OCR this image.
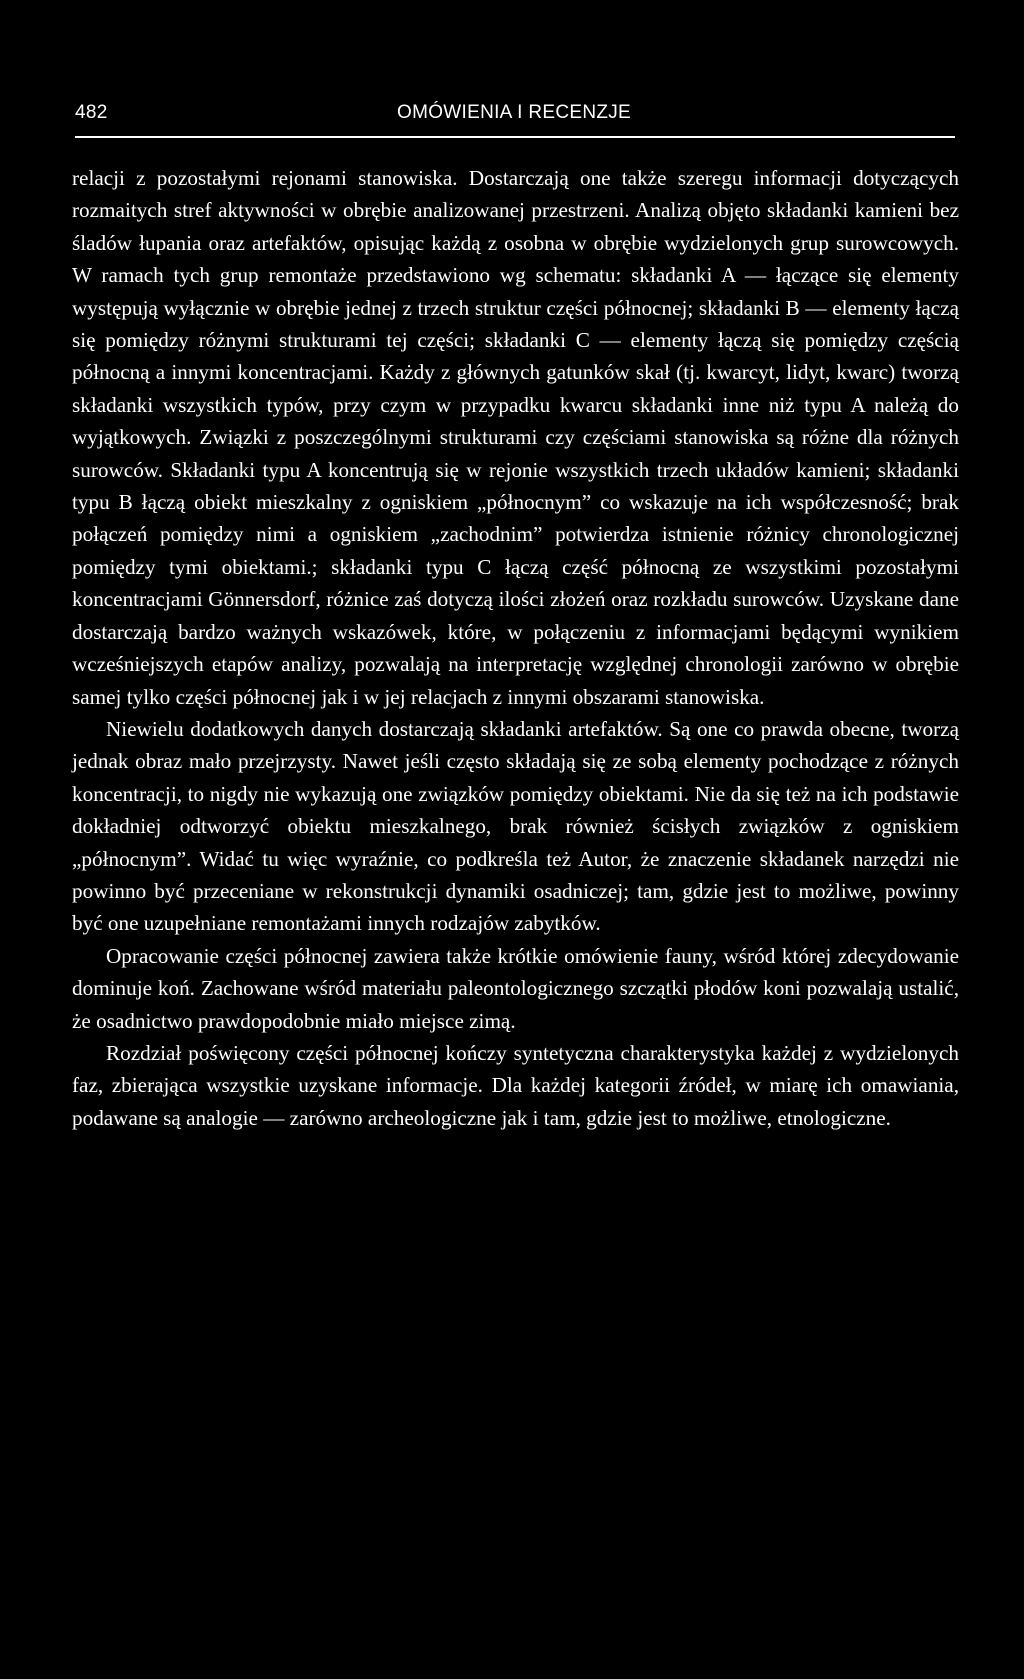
482	OMÓWIENIA I RECENZJE

relacji z pozostałymi rejonami stanowiska. Dostarczają one także szeregu informacji dotyczących rozmaitych stref aktywności w obrębie analizowanej przestrzeni. Analizą objęto składanki kamieni bez śladów łupania oraz artefaktów, opisując każdą z osobna w obrębie wydzielonych grup surowcowych. W ramach tych grup remontaże przedstawiono wg schematu: składanki A — łączące się elementy występują wyłącznie w obrębie jednej z trzech struktur części północnej; składanki B — elementy łączą się pomiędzy różnymi strukturami tej części; składanki C — elementy łączą się pomiędzy częścią północną a innymi koncentracjami. Każdy z głównych gatunków skał (tj. kwarcyt, lidyt, kwarc) tworzą składanki wszystkich typów, przy czym w przypadku kwarcu składanki inne niż typu A należą do wyjątkowych. Związki z poszczególnymi strukturami czy częściami stanowiska są różne dla różnych surowców. Składanki typu A koncentrują się w rejonie wszystkich trzech układów kamieni; składanki typu B łączą obiekt mieszkalny z ogniskiem „północnym” co wskazuje na ich współczesność; brak połączeń pomiędzy nimi a ogniskiem „zachodnim” potwierdza istnienie różnicy chronologicznej pomiędzy tymi obiektami.; składanki typu C łączą część północną ze wszystkimi pozostałymi koncentracjami Gönnersdorf, różnice zaś dotyczą ilości złożeń oraz rozkładu surowców. Uzyskane dane dostarczają bardzo ważnych wskazówek, które, w połączeniu z informacjami będącymi wynikiem wcześniejszych etapów analizy, pozwalają na interpretację względnej chronologii zarówno w obrębie samej tylko części północnej jak i w jej relacjach z innymi obszarami stanowiska.

Niewielu dodatkowych danych dostarczają składanki artefaktów. Są one co prawda obecne, tworzą jednak obraz mało przejrzysty. Nawet jeśli często składają się ze sobą elementy pochodzące z różnych koncentracji, to nigdy nie wykazują one związków pomiędzy obiektami. Nie da się też na ich podstawie dokładniej odtworzyć obiektu mieszkalnego, brak również ścisłych związków z ogniskiem „północnym”. Widać tu więc wyraźnie, co podkreśla też Autor, że znaczenie składanek narzędzi nie powinno być przeceniane w rekonstrukcji dynamiki osadniczej; tam, gdzie jest to możliwe, powinny być one uzupełniane remontażami innych rodzajów zabytków.

Opracowanie części północnej zawiera także krótkie omówienie fauny, wśród której zdecydowanie dominuje koń. Zachowane wśród materiału paleontologicznego szczątki płodów koni pozwalają ustalić, że osadnictwo prawdopodobnie miało miejsce zimą.

Rozdział poświęcony części północnej kończy syntetyczna charakterystyka każdej z wydzielonych faz, zbierająca wszystkie uzyskane informacje. Dla każdej kategorii źródeł, w miarę ich omawiania, podawane są analogie — zarówno archeologiczne jak i tam, gdzie jest to możliwe, etnologiczne.
